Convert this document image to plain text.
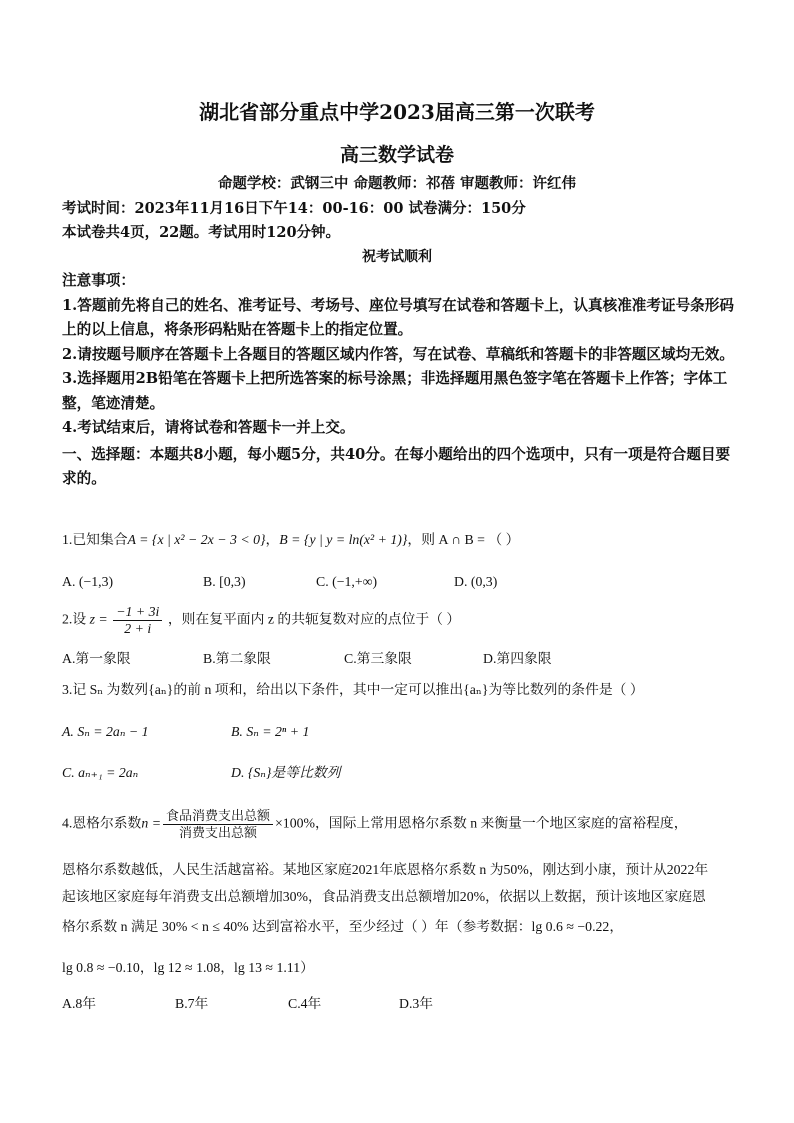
湖北省部分重点中学2023届高三第一次联考
高三数学试卷
命题学校：武钢三中 命题教师：祁蓓 审题教师：许红伟
考试时间：2023年11月16日下午14：00-16：00 试卷满分：150分
本试卷共4页，22题。考试用时120分钟。
祝考试顺利
注意事项：
1.答题前先将自己的姓名、准考证号、考场号、座位号填写在试卷和答题卡上，认真核准准考证号条形码上的以上信息，将条形码粘贴在答题卡上的指定位置。
2.请按题号顺序在答题卡上各题目的答题区域内作答，写在试卷、草稿纸和答题卡的非答题区域均无效。
3.选择题用2B铅笔在答题卡上把所选答案的标号涂黑；非选择题用黑色签字笔在答题卡上作答；字体工整，笔迹清楚。
4.考试结束后，请将试卷和答题卡一并上交。
一、选择题：本题共8小题，每小题5分，共40分。在每小题给出的四个选项中，只有一项是符合题目要求的。
1.已知集合A = {x | x² − 2x − 3 < 0}，B = {y | y = ln(x² + 1)}，则 A ∩ B = （ ）
A. (−1,3)	B. [0,3)	C. (−1,+∞)	D. (0,3)
2.设 $z = \frac{-1 + 3i}{2 + i}$ ，则在复平面内 z 的共轭复数对应的点位于（ ）
A.第一象限	B.第二象限	C.第三象限	D.第四象限
3.记 Sₙ 为数列{aₙ}的前 n 项和，给出以下条件，其中一定可以推出{aₙ}为等比数列的条件是（ ）
A. Sₙ = 2aₙ − 1	B. Sₙ = 2ⁿ + 1
C. aₙ₊₁ = 2aₙ	D. {Sₙ}是等比数列
4.恩格尔系数$n = \frac{\text{食品消费支出总额}}{\text{消费支出总额}} \times 100\%$，国际上常用恩格尔系数 n 来衡量一个地区家庭的富裕程度，
恩格尔系数越低，人民生活越富裕。某地区家庭2021年底恩格尔系数 n 为50%，刚达到小康，预计从2022年
起该地区家庭每年消费支出总额增加30%，食品消费支出总额增加20%，依据以上数据，预计该地区家庭恩
格尔系数 n 满足 30% < n ≤ 40% 达到富裕水平，至少经过（ ）年（参考数据：lg 0.6 ≈ −0.22，
lg 0.8 ≈ −0.10，lg 12 ≈ 1.08，lg 13 ≈ 1.11）
A.8年	B.7年	C.4年	D.3年
